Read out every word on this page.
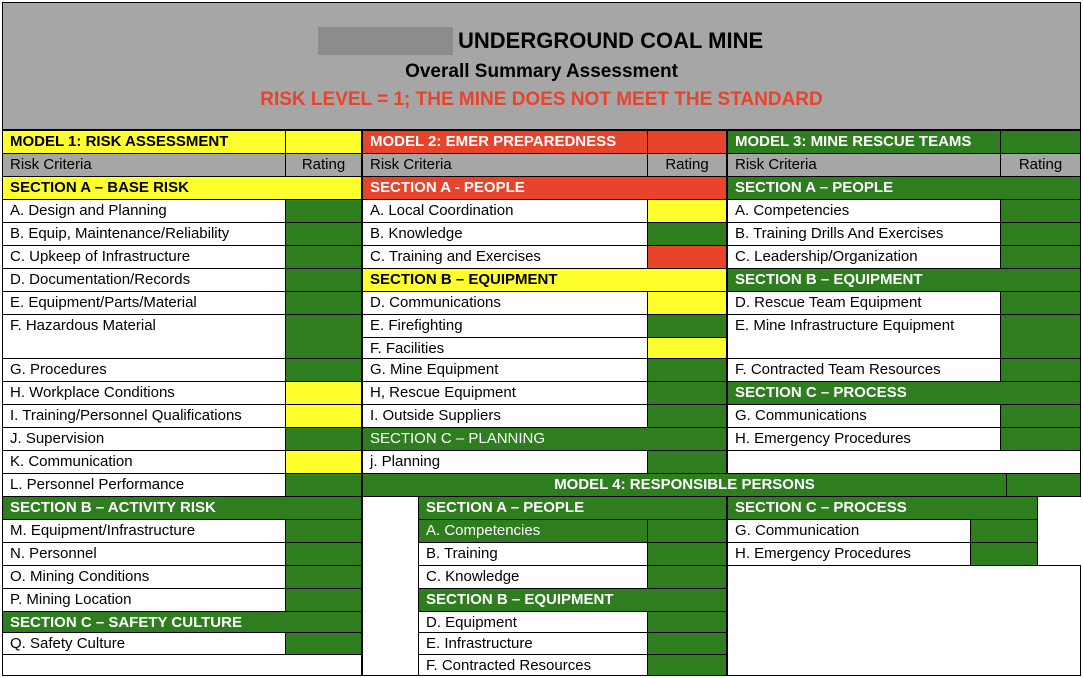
UNDERGROUND COAL MINE
Overall Summary Assessment
RISK LEVEL = 1; THE MINE DOES NOT MEET THE STANDARD
MODEL 1: RISK ASSESSMENT
Risk Criteria	Rating
SECTION A – BASE RISK
A. Design and Planning
B. Equip, Maintenance/Reliability
C. Upkeep of Infrastructure
D. Documentation/Records
E. Equipment/Parts/Material
F. Hazardous Material
G. Procedures
H. Workplace Conditions
I. Training/Personnel Qualifications
J. Supervision
K. Communication
L. Personnel Performance
SECTION B – ACTIVITY RISK
M. Equipment/Infrastructure
N. Personnel
O. Mining Conditions
P. Mining Location
SECTION C – SAFETY CULTURE
Q. Safety Culture
MODEL 2: EMER PREPAREDNESS
Risk Criteria	Rating
SECTION A - PEOPLE
A. Local Coordination
B. Knowledge
C. Training and Exercises
SECTION B – EQUIPMENT
D. Communications
E. Firefighting
F. Facilities
G. Mine Equipment
H, Rescue Equipment
I. Outside Suppliers
SECTION C – PLANNING
j. Planning
MODEL 3: MINE RESCUE TEAMS
Risk Criteria	Rating
SECTION A – PEOPLE
A. Competencies
B. Training Drills And Exercises
C. Leadership/Organization
SECTION B – EQUIPMENT
D. Rescue Team Equipment
E. Mine Infrastructure Equipment
F. Contracted Team Resources
SECTION C – PROCESS
G. Communications
H. Emergency Procedures
MODEL 4: RESPONSIBLE PERSONS
SECTION A – PEOPLE
A. Competencies
B. Training
C. Knowledge
SECTION B – EQUIPMENT
D. Equipment
E. Infrastructure
F. Contracted Resources
SECTION C – PROCESS
G. Communication
H. Emergency Procedures
